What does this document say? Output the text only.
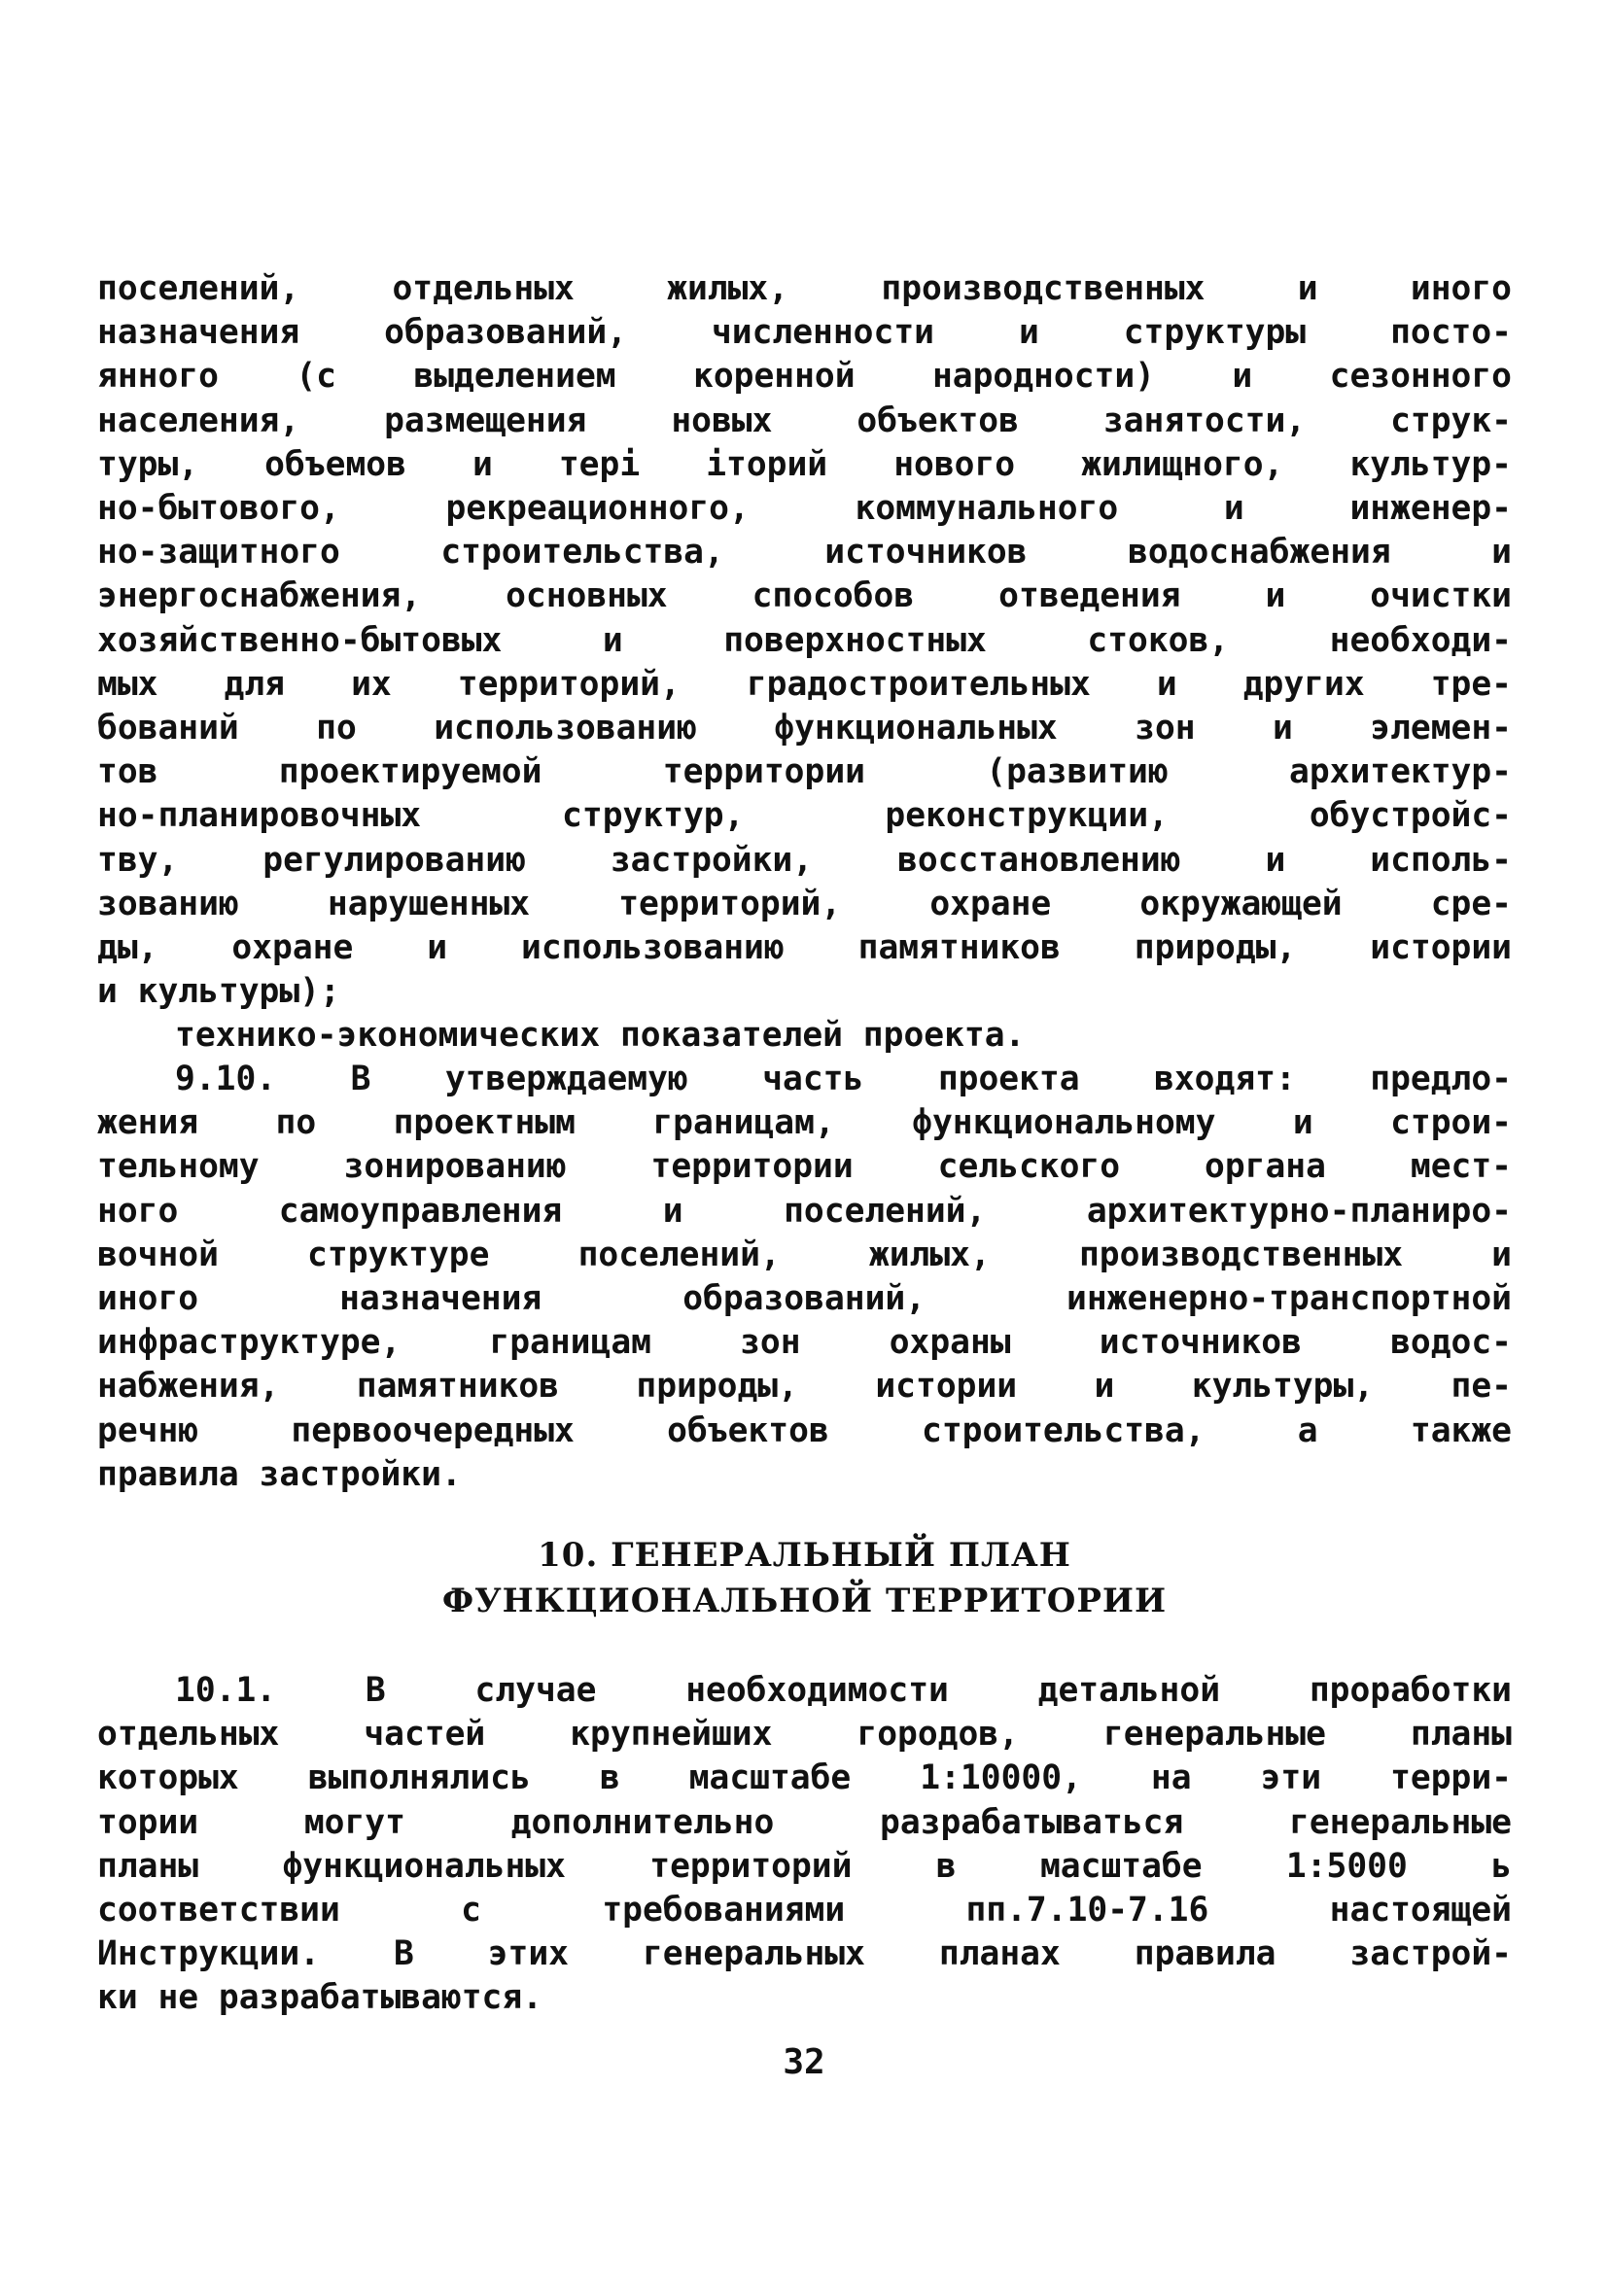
поселений, отдельных жилых, производственных и иного
назначения образований, численности и структуры посто-
янного (с выделением коренной народности) и сезонного
населения, размещения новых объектов занятости, струк-
туры, объемов и терi iторий нового жилищного, культур-
но-бытового, рекреационного, коммунального и инженер-
но-защитного строительства, источников водоснабжения и
энергоснабжения, основных способов отведения и очистки
хозяйственно-бытовых и поверхностных стоков, необходи-
мых для их территорий, градостроительных и других тре-
бований по использованию функциональных зон и элемен-
тов проектируемой территории (развитию архитектур-
но-планировочных структур, реконструкции, обустройс-
тву, регулированию застройки, восстановлению и исполь-
зованию нарушенных территорий, охране окружающей сре-
ды, охране и использованию памятников природы, истории
и культуры);
технико-экономических показателей проекта.
9.10. В утверждаемую часть проекта входят: предло-
жения по проектным границам, функциональному и строи-
тельному зонированию территории сельского органа мест-
ного самоуправления и поселений, архитектурно-планиро-
вочной структуре поселений, жилых, производственных и
иного назначения образований, инженерно-транспортной
инфраструктуре, границам зон охраны источников водос-
набжения, памятников природы, истории и культуры, пе-
речню первоочередных объектов строительства, а также
правила застройки.
10. ГЕНЕРАЛЬНЫЙ ПЛАН
ФУНКЦИОНАЛЬНОЙ ТЕРРИТОРИИ
10.1. В случае необходимости детальной проработки
отдельных частей крупнейших городов, генеральные планы
которых выполнялись в масштабе 1:10000, на эти терри-
тории могут дополнительно разрабатываться генеральные
планы функциональных территорий в масштабе 1:5000 ь
соответствии с требованиями пп.7.10-7.16 настоящей
Инструкции. В этих генеральных планах правила застрой-
ки не разрабатываются.
32
